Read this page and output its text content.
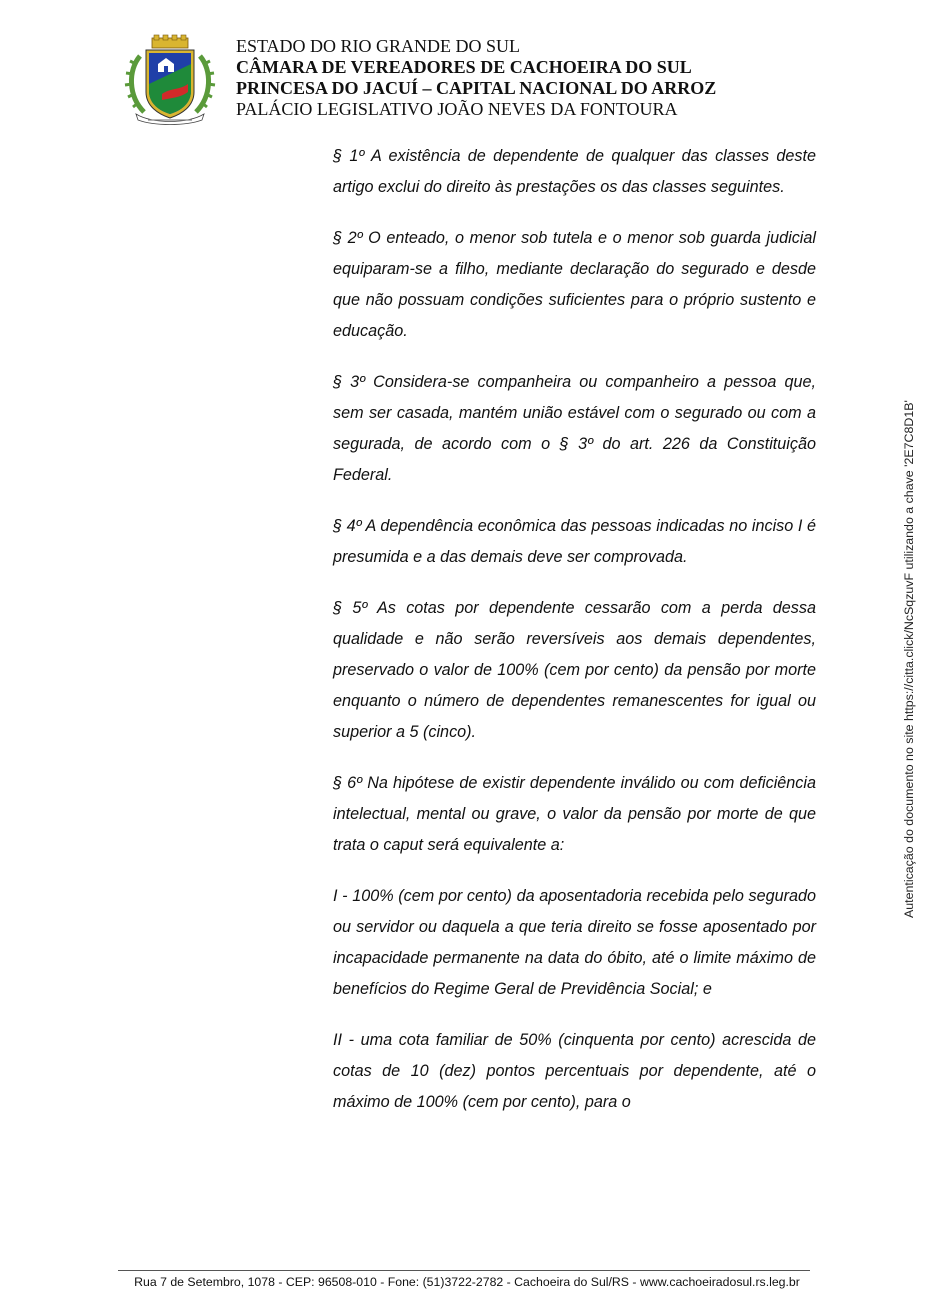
ESTADO DO RIO GRANDE DO SUL
CÂMARA DE VEREADORES DE CACHOEIRA DO SUL
PRINCESA DO JACUÍ – CAPITAL NACIONAL DO ARROZ
PALÁCIO LEGISLATIVO JOÃO NEVES DA FONTOURA

§ 1º A existência de dependente de qualquer das classes deste artigo exclui do direito às prestações os das classes seguintes.

§ 2º O enteado, o menor sob tutela e o menor sob guarda judicial equiparam-se a filho, mediante declaração do segurado e desde que não possuam condições suficientes para o próprio sustento e educação.

§ 3º Considera-se companheira ou companheiro a pessoa que, sem ser casada, mantém união estável com o segurado ou com a segurada, de acordo com o § 3º do art. 226 da Constituição Federal.

§ 4º A dependência econômica das pessoas indicadas no inciso I é presumida e a das demais deve ser comprovada.

§ 5º As cotas por dependente cessarão com a perda dessa qualidade e não serão reversíveis aos demais dependentes, preservado o valor de 100% (cem por cento) da pensão por morte enquanto o número de dependentes remanescentes for igual ou superior a 5 (cinco).

§ 6º Na hipótese de existir dependente inválido ou com deficiência intelectual, mental ou grave, o valor da pensão por morte de que trata o caput será equivalente a:

I - 100% (cem por cento) da aposentadoria recebida pelo segurado ou servidor ou daquela a que teria direito se fosse aposentado por incapacidade permanente na data do óbito, até o limite máximo de benefícios do Regime Geral de Previdência Social; e

II - uma cota familiar de 50% (cinquenta por cento) acrescida de cotas de 10 (dez) pontos percentuais por dependente, até o máximo de 100% (cem por cento), para o

Autenticação do documento no site https://citta.click/NcSqzuvF utilizando a chave '2E7C8D1B'
Rua 7 de Setembro, 1078 - CEP: 96508-010 - Fone: (51)3722-2782 - Cachoeira do Sul/RS - www.cachoeiradosul.rs.leg.br
